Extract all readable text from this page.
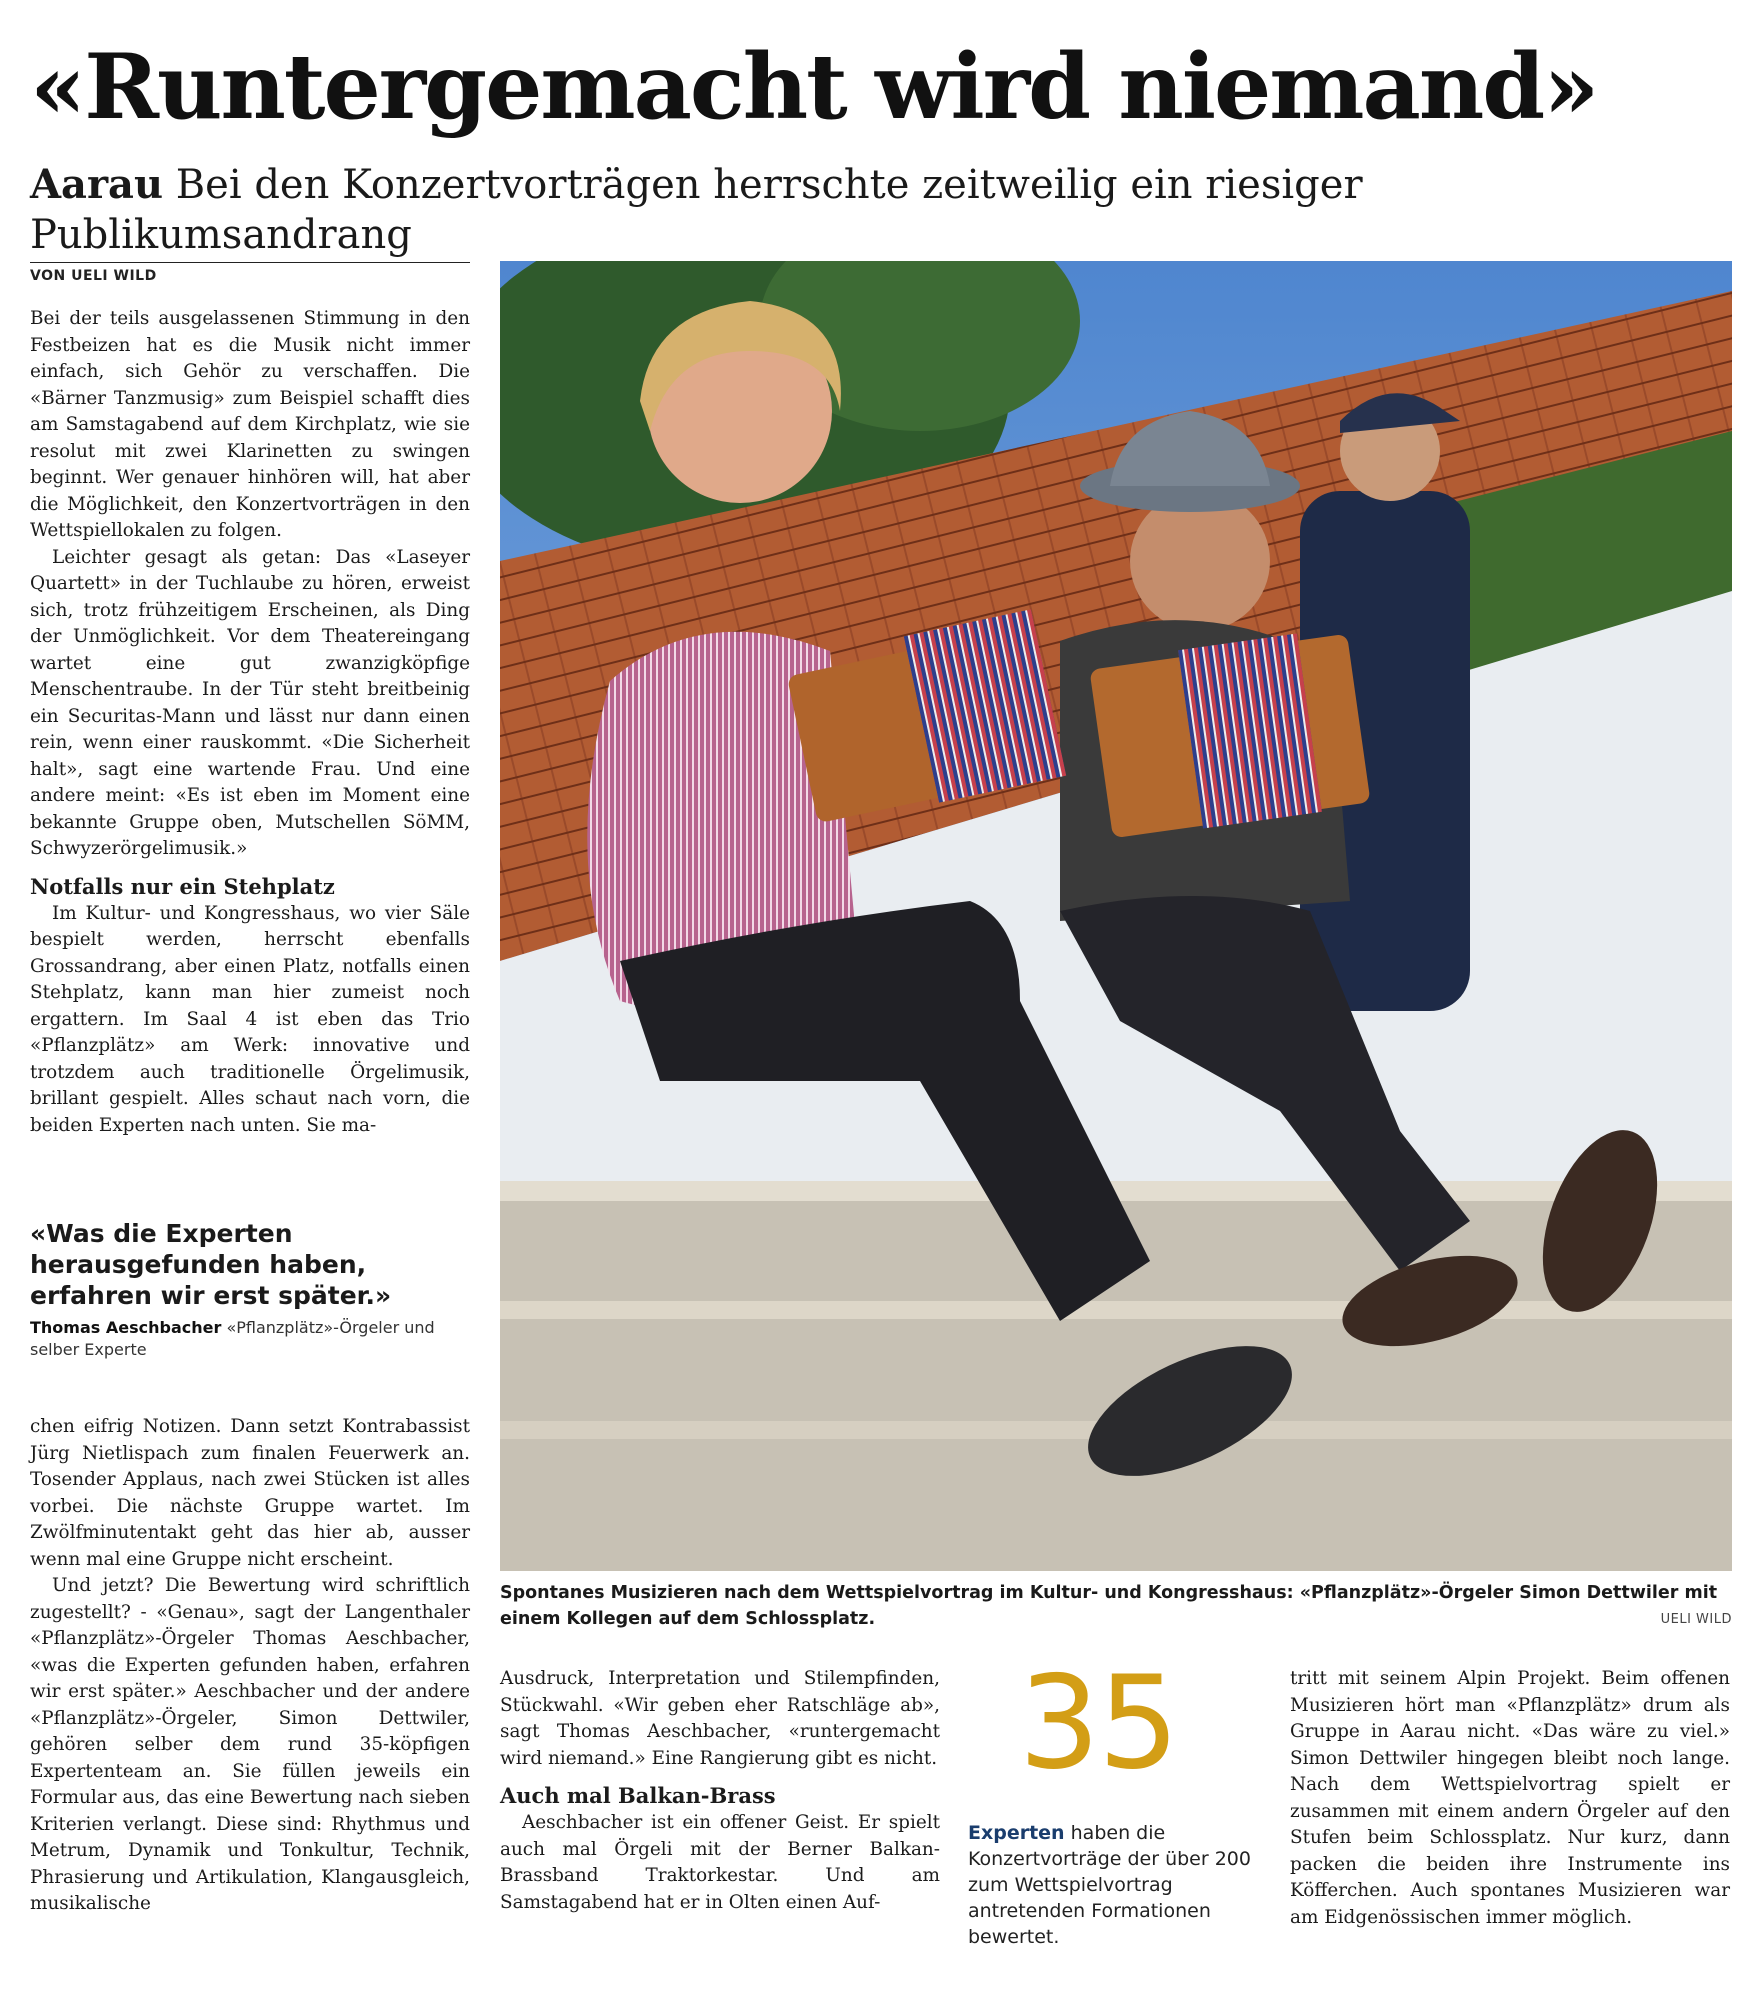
«Runtergemacht wird niemand»

Aarau Bei den Konzertvorträgen herrschte zeitweilig ein riesiger Publikumsandrang

VON UELI WILD

Bei der teils ausgelassenen Stimmung in den Festbeizen hat es die Musik nicht immer einfach, sich Gehör zu verschaffen. Die «Bärner Tanzmusig» zum Beispiel schafft dies am Samstagabend auf dem Kirchplatz, wie sie resolut mit zwei Klarinetten zu swingen beginnt. Wer genauer hinhören will, hat aber die Möglichkeit, den Konzertvorträgen in den Wettspiellokalen zu folgen.

Leichter gesagt als getan: Das «Laseyer Quartett» in der Tuchlaube zu hören, erweist sich, trotz frühzeitigem Erscheinen, als Ding der Unmöglichkeit. Vor dem Theatereingang wartet eine gut zwanzigköpfige Menschentraube. In der Tür steht breitbeinig ein Securitas-Mann und lässt nur dann einen rein, wenn einer rauskommt. «Die Sicherheit halt», sagt eine wartende Frau. Und eine andere meint: «Es ist eben im Moment eine bekannte Gruppe oben, Mutschellen SöMM, Schwyzerörgelimusik.»

Notfalls nur ein Stehplatz

Im Kultur- und Kongresshaus, wo vier Säle bespielt werden, herrscht ebenfalls Grossandrang, aber einen Platz, notfalls einen Stehplatz, kann man hier zumeist noch ergattern. Im Saal 4 ist eben das Trio «Pflanzplätz» am Werk: innovative und trotzdem auch traditionelle Örgelimusik, brillant gespielt. Alles schaut nach vorn, die beiden Experten nach unten. Sie ma-

«Was die Experten herausgefunden haben, erfahren wir erst später.»

Thomas Aeschbacher «Pflanzplätz»-Örgeler und selber Experte

chen eifrig Notizen. Dann setzt Kontrabassist Jürg Nietlispach zum finalen Feuerwerk an. Tosender Applaus, nach zwei Stücken ist alles vorbei. Die nächste Gruppe wartet. Im Zwölfminutentakt geht das hier ab, ausser wenn mal eine Gruppe nicht erscheint.

Und jetzt? Die Bewertung wird schriftlich zugestellt? - «Genau», sagt der Langenthaler «Pflanzplätz»-Örgeler Thomas Aeschbacher, «was die Experten gefunden haben, erfahren wir erst später.» Aeschbacher und der andere «Pflanzplätz»-Örgeler, Simon Dettwiler, gehören selber dem rund 35-köpfigen Expertenteam an. Sie füllen jeweils ein Formular aus, das eine Bewertung nach sieben Kriterien verlangt. Diese sind: Rhythmus und Metrum, Dynamik und Tonkultur, Technik, Phrasierung und Artikulation, Klangausgleich, musikalische

Spontanes Musizieren nach dem Wettspielvortrag im Kultur- und Kongresshaus: «Pflanzplätz»-Örgeler Simon Dettwiler mit einem Kollegen auf dem Schlossplatz.	UELI WILD

Ausdruck, Interpretation und Stilempfinden, Stückwahl. «Wir geben eher Ratschläge ab», sagt Thomas Aeschbacher, «runtergemacht wird niemand.» Eine Rangierung gibt es nicht.

Auch mal Balkan-Brass

Aeschbacher ist ein offener Geist. Er spielt auch mal Örgeli mit der Berner Balkan-Brassband Traktorkestar. Und am Samstagabend hat er in Olten einen Auf-

35
Experten haben die Konzertvorträge der über 200 zum Wettspielvortrag antretenden Formationen bewertet.

tritt mit seinem Alpin Projekt. Beim offenen Musizieren hört man «Pflanzplätz» drum als Gruppe in Aarau nicht. «Das wäre zu viel.» Simon Dettwiler hingegen bleibt noch lange. Nach dem Wettspielvortrag spielt er zusammen mit einem andern Örgeler auf den Stufen beim Schlossplatz. Nur kurz, dann packen die beiden ihre Instrumente ins Köfferchen. Auch spontanes Musizieren war am Eidgenössischen immer möglich.
